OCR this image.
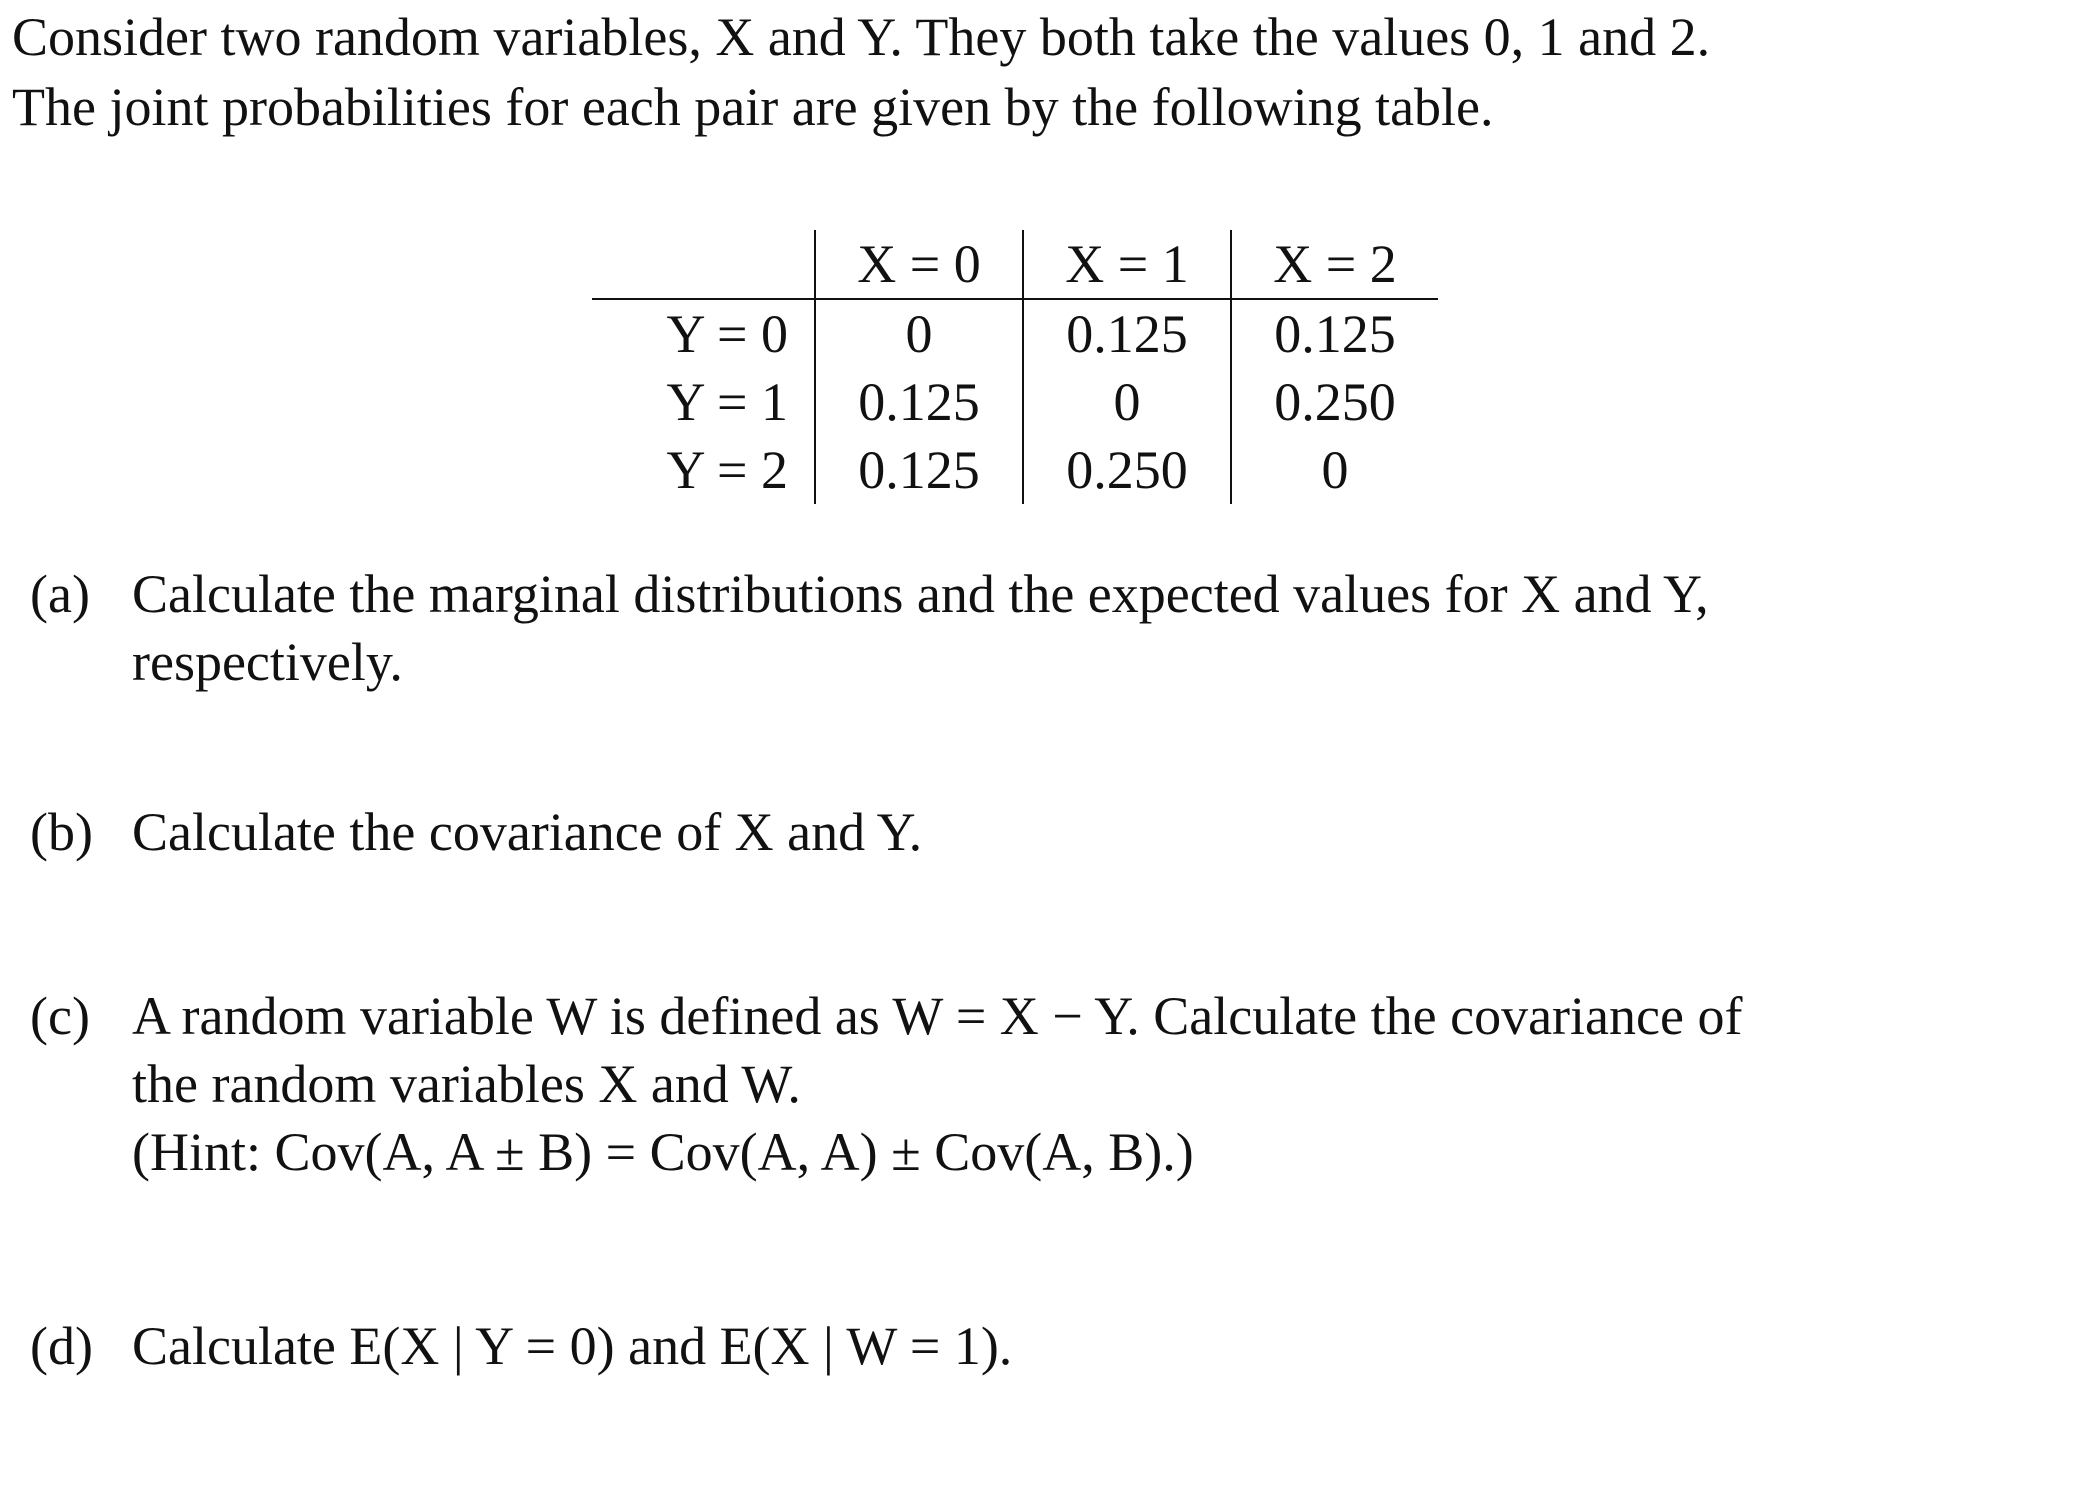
Consider two random variables, X and Y. They both take the values 0, 1 and 2.

The joint probabilities for each pair are given by the following table.

	X = 0	X = 1	X = 2
Y = 0	0	0.125	0.125
Y = 1	0.125	0	0.250
Y = 2	0.125	0.250	0
(a) Calculate the marginal distributions and the expected values for X and Y,

respectively.

(b) Calculate the covariance of X and Y.

(c) A random variable W is defined as W = X − Y. Calculate the covariance of

the random variables X and W.

(Hint: Cov(A, A ± B) = Cov(A, A) ± Cov(A, B).)

(d) Calculate E(X | Y = 0) and E(X | W = 1).
